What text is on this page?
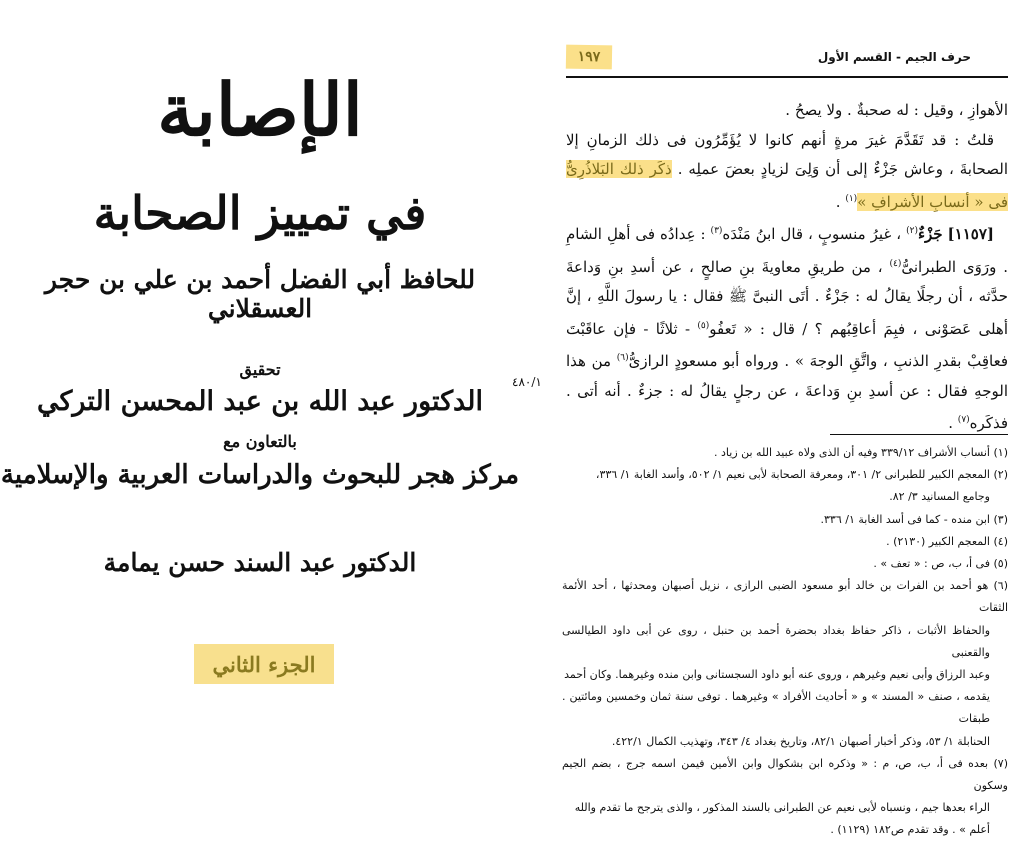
الإصابة
في تمييز الصحابة
للحافظ أبي الفضل أحمد بن علي بن حجر العسقلاني
تحقيق
الدكتور عبد الله بن عبد المحسن التركي
بالتعاون مع
مركز هجر للبحوث والدراسات العربية والإسلامية
الدكتور عبد السند حسن يمامة
الجزء الثاني
١٩٧	حرف الجيم - القسم الأول

الأهوازِ ، وقيل : له صحبةٌ . ولا يصحُ .

قلتُ : قد تَقَدَّمَ غيرَ مرةٍ أنهم كانوا لا يُؤَمِّرُون فى ذلك الزمانِ إلا الصحابةَ ، وعاش جَزْءٌ إلى أن وَلِىَ لزيادٍ بعضَ عملِه . ذكَر ذلك البَلاذُرِىُّ فى « أنسابِ الأشرافِ »$^{(١)}$ .

[١١٥٧] جَزْءٌ$^{(٢)}$ ، غيرُ منسوبٍ ، قال ابنُ مَنْدَه$^{(٣)}$ : عِدادُه فى أهلِ الشامِ . ورَوَى الطبرانىُّ$^{(٤)}$ ، من طريقِ معاويةَ بنِ صالحٍ ، عن أسدِ بنِ وَداعةَ حدَّثه ، أن رجلًا يقالُ له : جَزْءٌ . أتَى النبىَّ ﷺ فقال : يا رسولَ اللَّهِ ، إنَّ أهلى عَصَوْنى ، فبِمَ أعاقِبُهم ؟ / قال : « تَعفُو$^{(٥)}$ - ثلاثًا - فإن عاقَبْتَ فعاقِبْ بقدرِ الذنبِ ، واتَّقِ الوجهَ » . ورواه أبو مسعودٍ الرازىُّ$^{(٦)}$ من هذا الوجهِ فقال : عن أسدِ بنِ وَداعةَ ، عن رجلٍ يقالُ له : جزءٌ . أنه أتى . فذكَره$^{(٧)}$ .

٤٨٠/١

(١) أنساب الأشراف ٣٣٩/١٢ وفيه أن الذى ولاه عبيد الله بن زياد .

(٢) المعجم الكبير للطبرانى ٢/ ٣٠١، ومعرفة الصحابة لأبى نعيم ١/ ٥٠٢، وأسد الغابة ١/ ٣٣٦،

وجامع المسانيد ٣/ ٨٢.

(٣) ابن منده - كما فى أسد الغابة ١/ ٣٣٦.

(٤) المعجم الكبير (٢١٣٠) .

(٥) فى أ، ب، ص : « تعف » .

(٦) هو أحمد بن الفرات بن خالد أبو مسعود الضبى الرازى ، نزيل أصبهان ومحدثها ، أحد الأئمة الثقات

والحفاظ الأثبات ، ذاكر حفاظ بغداد بحضرة أحمد بن حنبل ، روى عن أبى داود الطيالسى والقعنبى

وعبد الرزاق وأبى نعيم وغيرهم ، وروى عنه أبو داود السجستانى وابن منده وغيرهما. وكان أحمد

يقدمه ، صنف « المسند » و « أحاديث الأفراد » وغيرهما . توفى سنة ثمان وخمسين ومائتين . طبقات

الحنابلة ١/ ٥٣، وذكر أخبار أصبهان ٨٢/١، وتاريخ بغداد ٤/ ٣٤٣، وتهذيب الكمال ٤٢٢/١.

(٧) بعده فى أ، ب، ص، م : « وذكره ابن بشكوال وابن الأمين فيمن اسمه جرج ، بضم الجيم وسكون

الراء بعدها جيم ، ونسباه لأبى نعيم عن الطبرانى بالسند المذكور ، والذى يترجح ما تقدم والله

أعلم » . وقد تقدم ص١٨٢ (١١٢٩) .
